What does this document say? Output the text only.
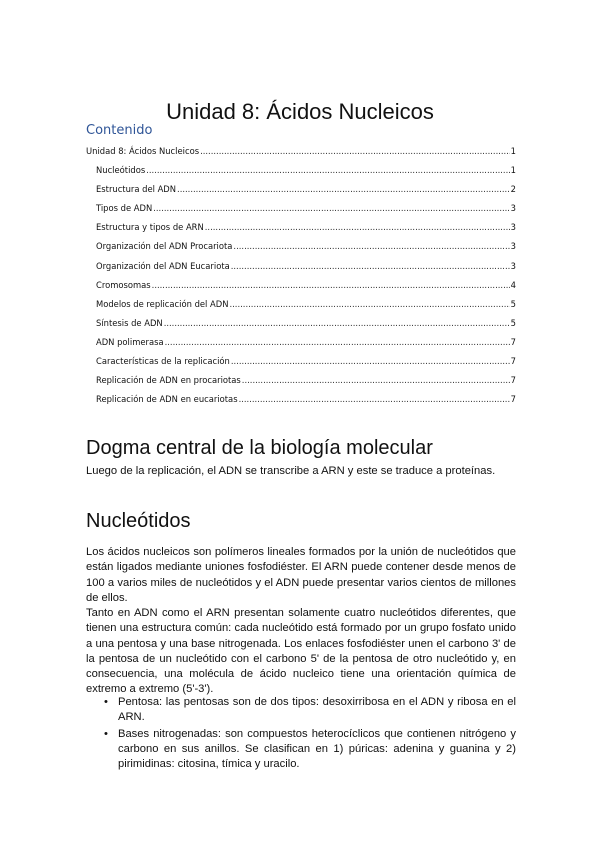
Unidad 8: Ácidos Nucleicos
Contenido
Unidad 8: Ácidos Nucleicos .....	1
Nucleótidos .....	1
Estructura del ADN .....	2
Tipos de ADN .....	3
Estructura y tipos de ARN .....	3
Organización del ADN Procariota .....	3
Organización del ADN Eucariota .....	3
Cromosomas .....	4
Modelos de replicación del ADN .....	5
Síntesis de ADN .....	5
ADN polimerasa .....	7
Características de la replicación .....	7
Replicación de ADN en procariotas .....	7
Replicación de ADN en eucariotas .....	7
Dogma central de la biología molecular

Luego de la replicación, el ADN se transcribe a ARN y este se traduce a proteínas.

Nucleótidos

Los ácidos nucleicos son polímeros lineales formados por la unión de nucleótidos que están ligados mediante uniones fosfodiéster. El ARN puede contener desde menos de 100 a varios miles de nucleótidos y el ADN puede presentar varios cientos de millones de ellos.

Tanto en ADN como el ARN presentan solamente cuatro nucleótidos diferentes, que tienen una estructura común: cada nucleótido está formado por un grupo fosfato unido a una pentosa y una base nitrogenada. Los enlaces fosfodiéster unen el carbono 3' de la pentosa de un nucleótido con el carbono 5' de la pentosa de otro nucleótido y, en consecuencia, una molécula de ácido nucleico tiene una orientación química de extremo a extremo (5'-3').

• Pentosa: las pentosas son de dos tipos: desoxirribosa en el ADN y ribosa en el ARN.
• Bases nitrogenadas: son compuestos heterocíclicos que contienen nitrógeno y carbono en sus anillos. Se clasifican en 1) púricas: adenina y guanina y 2) pirimidinas: citosina, tímica y uracilo.
